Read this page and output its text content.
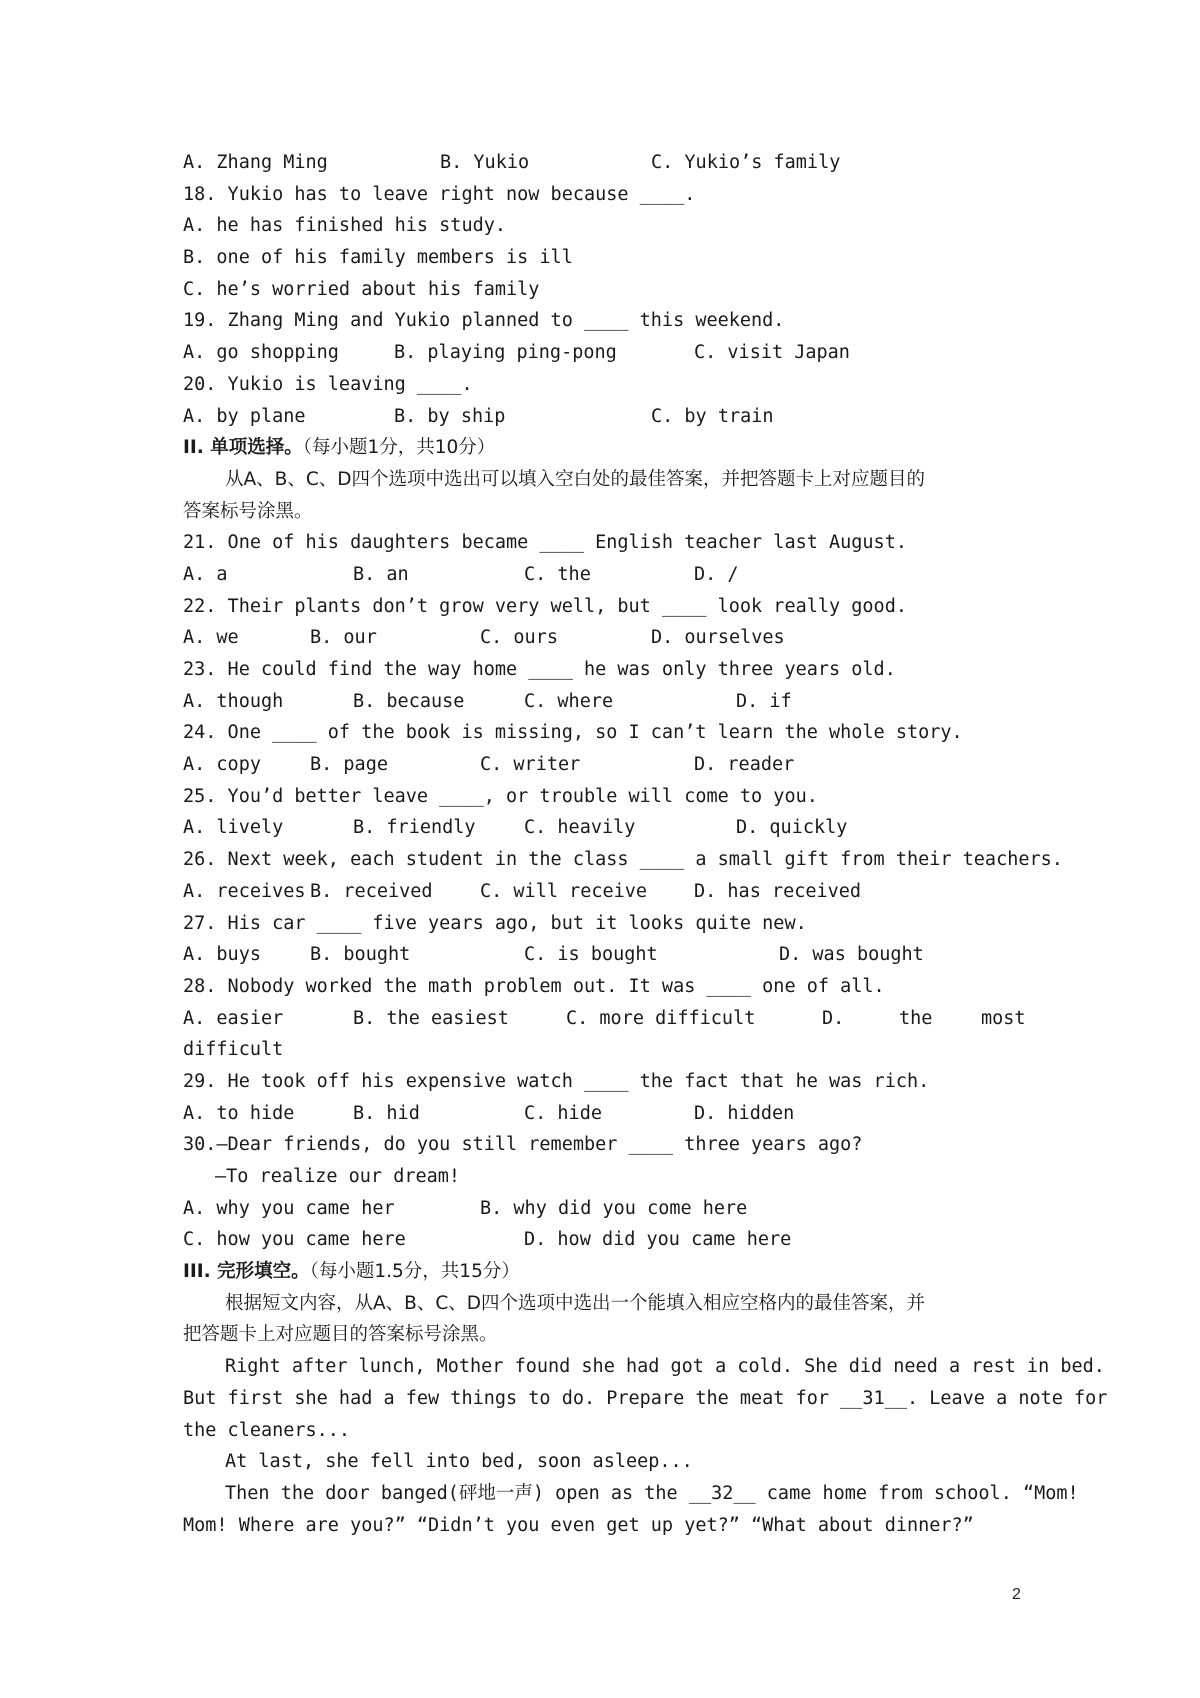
A. Zhang Ming

	B. Yukio

	C. Yukio’s family

18. Yukio has to leave right now because ____.
A. he has finished his study.
B. one of his family members is ill
C. he’s worried about his family
19. Zhang Ming and Yukio planned to ____ this weekend.

A. go shopping

	B. playing ping-pong

	C. visit Japan

20. Yukio is leaving ____.

A. by plane

	B. by ship

	C. by train

II. 单项选择。（每小题1分，共10分）
从A、B、C、D四个选项中选出可以填入空白处的最佳答案，并把答题卡上对应题目的
答案标号涂黑。
21. One of his daughters became ____ English teacher last August.

A. a

	B. an

	C. the

	D. /

22. Their plants don’t grow very well, but ____ look really good.

A. we

	B. our

	C. ours

	D. ourselves

23. He could find the way home ____ he was only three years old.

A. though

	B. because

	C. where

	D. if

24. One ____ of the book is missing, so I can’t learn the whole story.

A. copy

	B. page

	C. writer

	D. reader

25. You’d better leave ____, or trouble will come to you.

A. lively

	B. friendly

	C. heavily

	D. quickly

26. Next week, each student in the class ____ a small gift from their teachers.

A. receives

B. received

	C. will receive

	D. has received

27. His car ____ five years ago, but it looks quite new.

A. buys

	B. bought

	C. is bought

	D. was bought

28. Nobody worked the math problem out. It was ____ one of all.

A. easier

	B. the easiest

	C. more difficult

	D.

	the

	most

difficult
29. He took off his expensive watch ____ the fact that he was rich.

A. to hide

	B. hid

	C. hide

	D. hidden

30.—Dear friends, do you still remember ____ three years ago?
—To realize our dream!

A. why you came her

	B. why did you come here

C. how you came here

	D. how did you came here

III. 完形填空。（每小题1.5分，共15分）
根据短文内容，从A、B、C、D四个选项中选出一个能填入相应空格内的最佳答案，并
把答题卡上对应题目的答案标号涂黑。
Right after lunch, Mother found she had got a cold. She did need a rest in bed.
But first she had a few things to do. Prepare the meat for __31__. Leave a note for
the cleaners...
At last, she fell into bed, soon asleep...
Then the door banged(砰地一声) open as the __32__ came home from school. “Mom!
Mom! Where are you?” “Didn’t you even get up yet?” “What about dinner?”
2
